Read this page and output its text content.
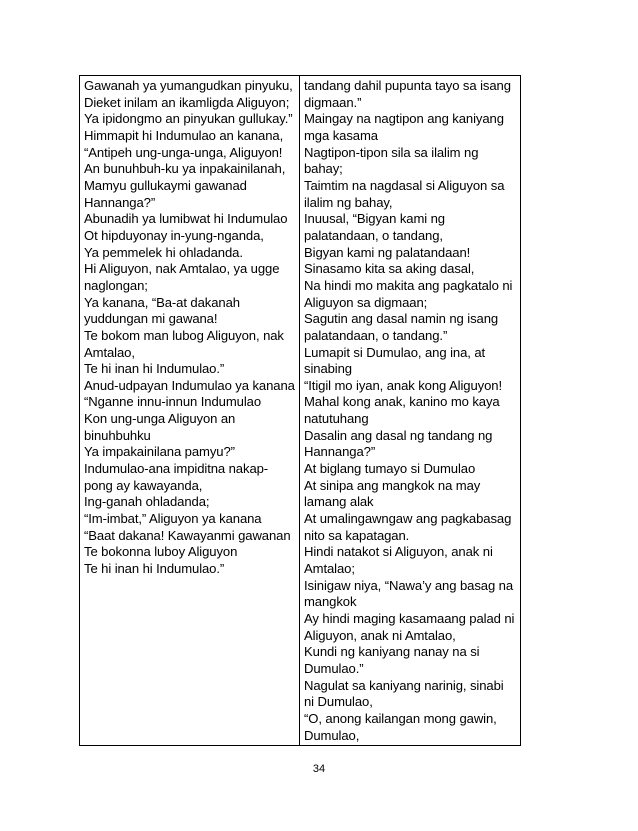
Gawanah ya yumangudkan pinyuku,
Dieket inilam an ikamligda Aliguyon;
Ya ipidongmo an pinyukan gullukay.”
Himmapit hi Indumulao an kanana,
“Antipeh ung-unga-unga, Aliguyon!
An bunuhbuh-ku ya inpakainilanah,
Mamyu gullukaymi gawanad
Hannanga?”
Abunadih ya lumibwat hi Indumulao
Ot hipduyonay in-yung-nganda,
Ya pemmelek hi ohladanda.
Hi Aliguyon, nak Amtalao, ya ugge
naglongan;
Ya kanana, “Ba-at dakanah
yuddungan mi gawana!
Te bokom man lubog Aliguyon, nak
Amtalao,
Te hi inan hi Indumulao.”
Anud-udpayan Indumulao ya kanana
“Nganne innu-innun Indumulao
Kon ung-unga Aliguyon an
binuhbuhku
Ya impakainilana pamyu?”
Indumulao-ana impiditna nakap-
pong ay kawayanda,
Ing-ganah ohladanda;
“Im-imbat,” Aliguyon ya kanana
“Baat dakana! Kawayanmi gawanan
Te bokonna luboy Aliguyon
Te hi inan hi Indumulao.”
tandang dahil pupunta tayo sa isang
digmaan.”
Maingay na nagtipon ang kaniyang
mga kasama
Nagtipon-tipon sila sa ilalim ng
bahay;
Taimtim na nagdasal si Aliguyon sa
ilalim ng bahay,
Inuusal, “Bigyan kami ng
palatandaan, o tandang,
Bigyan kami ng palatandaan!
Sinasamo kita sa aking dasal,
Na hindi mo makita ang pagkatalo ni
Aliguyon sa digmaan;
Sagutin ang dasal namin ng isang
palatandaan, o tandang.”
Lumapit si Dumulao, ang ina, at
sinabing
“Itigil mo iyan, anak kong Aliguyon!
Mahal kong anak, kanino mo kaya
natutuhang
Dasalin ang dasal ng tandang ng
Hannanga?”
At biglang tumayo si Dumulao
At sinipa ang mangkok na may
lamang alak
At umalingawngaw ang pagkabasag
nito sa kapatagan.
Hindi natakot si Aliguyon, anak ni
Amtalao;
Isinigaw niya, “Nawa’y ang basag na
mangkok
Ay hindi maging kasamaang palad ni
Aliguyon, anak ni Amtalao,
Kundi ng kaniyang nanay na si
Dumulao.”
Nagulat sa kaniyang narinig, sinabi
ni Dumulao,
“O, anong kailangan mong gawin,
Dumulao,
34
